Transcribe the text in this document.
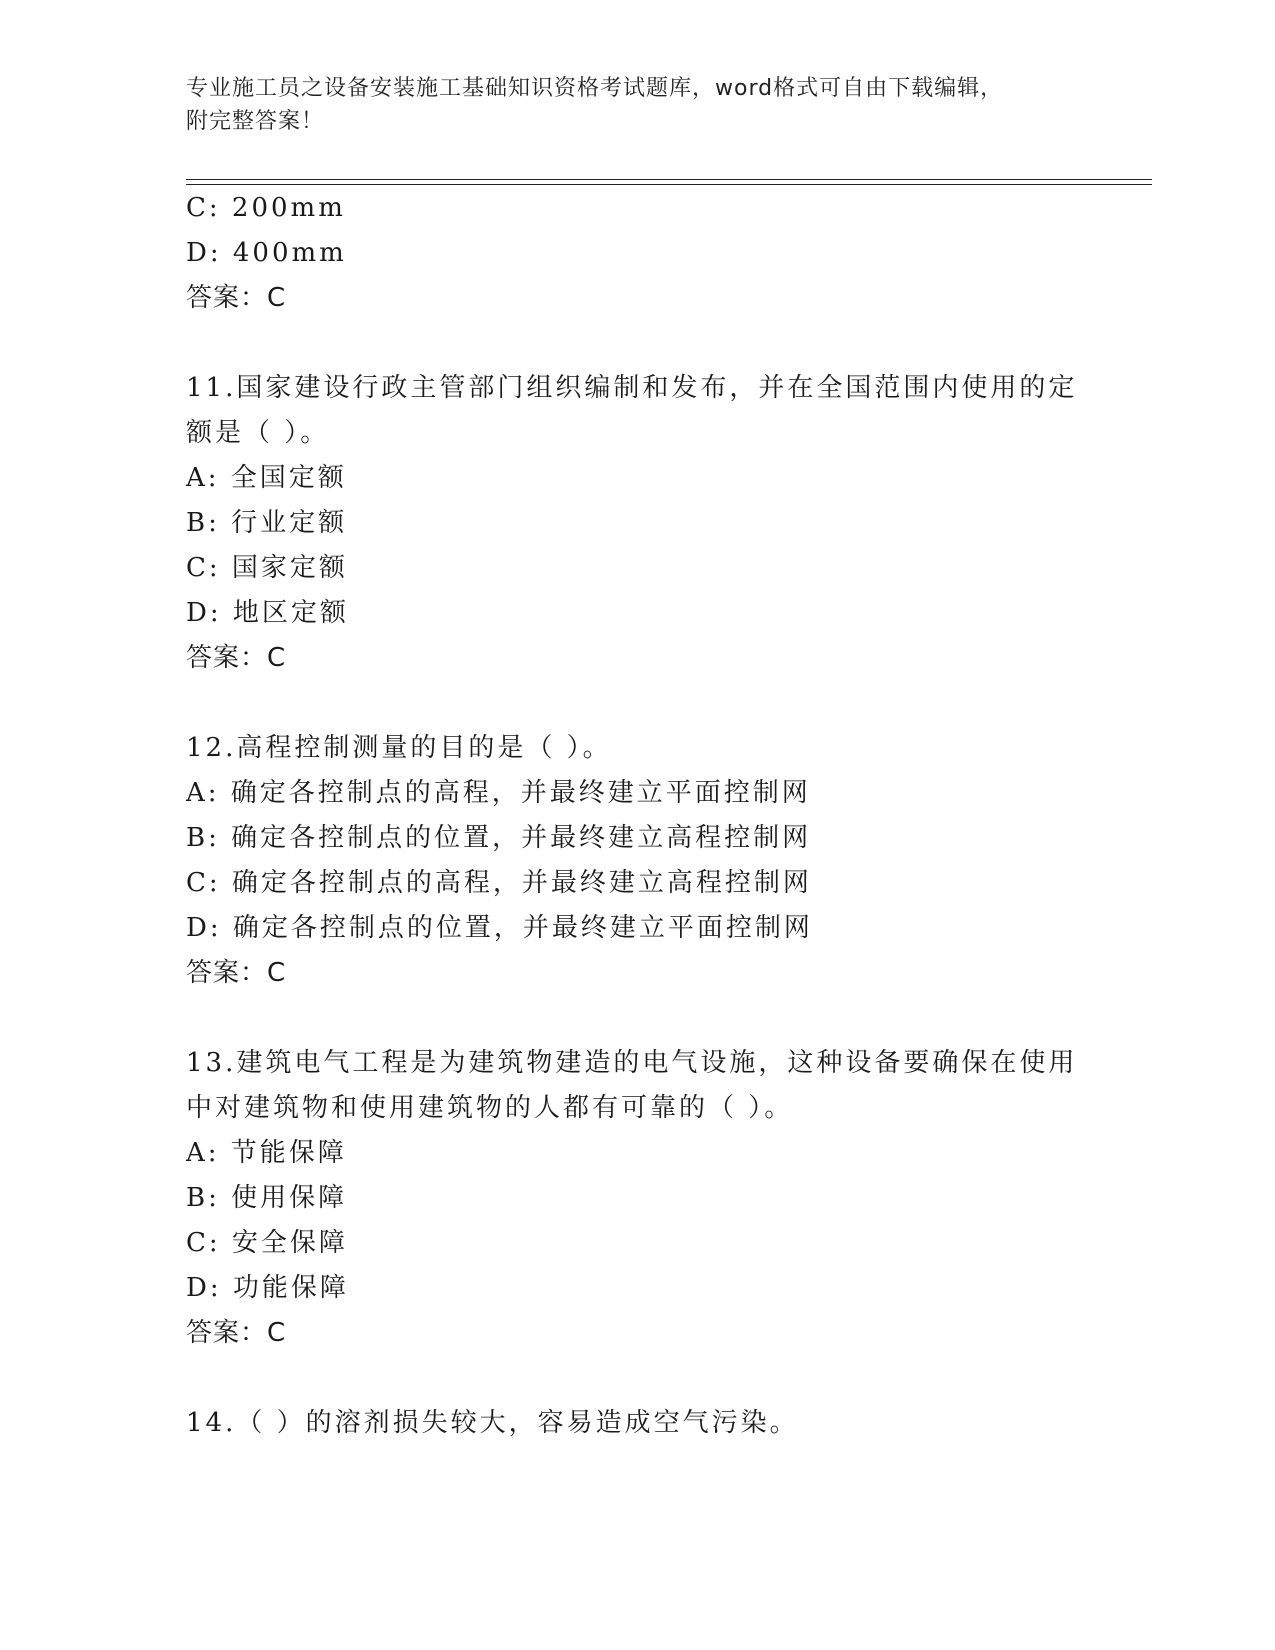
专业施工员之设备安装施工基础知识资格考试题库，word格式可自由下载编辑，
附完整答案！
C: 200mm
D: 400mm
答案：C
11.国家建设行政主管部门组织编制和发布，并在全国范围内使用的定
额是（ ）。
A: 全国定额
B: 行业定额
C: 国家定额
D: 地区定额
答案：C
12.高程控制测量的目的是（ ）。
A: 确定各控制点的高程，并最终建立平面控制网
B: 确定各控制点的位置，并最终建立高程控制网
C: 确定各控制点的高程，并最终建立高程控制网
D: 确定各控制点的位置，并最终建立平面控制网
答案：C
13.建筑电气工程是为建筑物建造的电气设施，这种设备要确保在使用
中对建筑物和使用建筑物的人都有可靠的（ ）。
A: 节能保障
B: 使用保障
C: 安全保障
D: 功能保障
答案：C
14.（ ）的溶剂损失较大，容易造成空气污染。
